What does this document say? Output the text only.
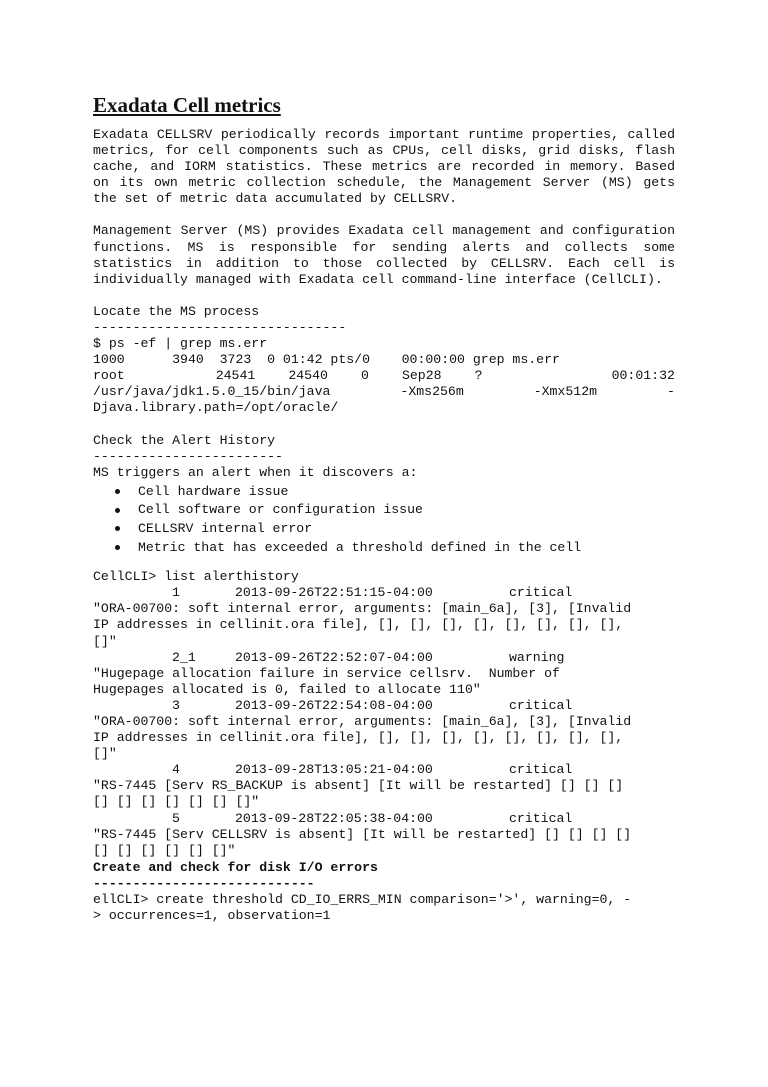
Exadata Cell metrics

Exadata CELLSRV periodically records important runtime properties, called metrics, for cell components such as CPUs, cell disks, grid disks, flash cache, and IORM statistics. These metrics are recorded in memory. Based on its own metric collection schedule, the Management Server (MS) gets the set of metric data accumulated by CELLSRV.

Management Server (MS) provides Exadata cell management and configuration functions. MS is responsible for sending alerts and collects some statistics in addition to those collected by CELLSRV. Each cell is individually managed with Exadata cell command-line interface (CellCLI).

Locate the MS process
--------------------------------
$ ps -ef | grep ms.err
1000      3940  3723  0 01:42 pts/0    00:00:00 grep ms.err
root	24541	24540	0	Sep28	?	00:01:32
/usr/java/jdk1.5.0_15/bin/java	-Xms256m	-Xmx512m	-
Djava.library.path=/opt/oracle/
Check the Alert History
------------------------
MS triggers an alert when it discovers a:
Cell hardware issue
Cell software or configuration issue
CELLSRV internal error
Metric that has exceeded a threshold defined in the cell
CellCLI> list alerthistory
1	2013-09-26T22:51:15-04:00	critical
"ORA-00700: soft internal error, arguments: [main_6a], [3], [Invalid
IP addresses in cellinit.ora file], [], [], [], [], [], [], [], [],
[]"
2_1	2013-09-26T22:52:07-04:00	warning
"Hugepage allocation failure in service cellsrv.  Number of
Hugepages allocated is 0, failed to allocate 110"
3	2013-09-26T22:54:08-04:00	critical
"ORA-00700: soft internal error, arguments: [main_6a], [3], [Invalid
IP addresses in cellinit.ora file], [], [], [], [], [], [], [], [],
[]"
4	2013-09-28T13:05:21-04:00	critical
"RS-7445 [Serv RS_BACKUP is absent] [It will be restarted] [] [] []
[] [] [] [] [] [] []"
5	2013-09-28T22:05:38-04:00	critical
"RS-7445 [Serv CELLSRV is absent] [It will be restarted] [] [] [] []
[] [] [] [] [] []"
Create and check for disk I/O errors
----------------------------
ellCLI> create threshold CD_IO_ERRS_MIN comparison='>', warning=0, -
> occurrences=1, observation=1
